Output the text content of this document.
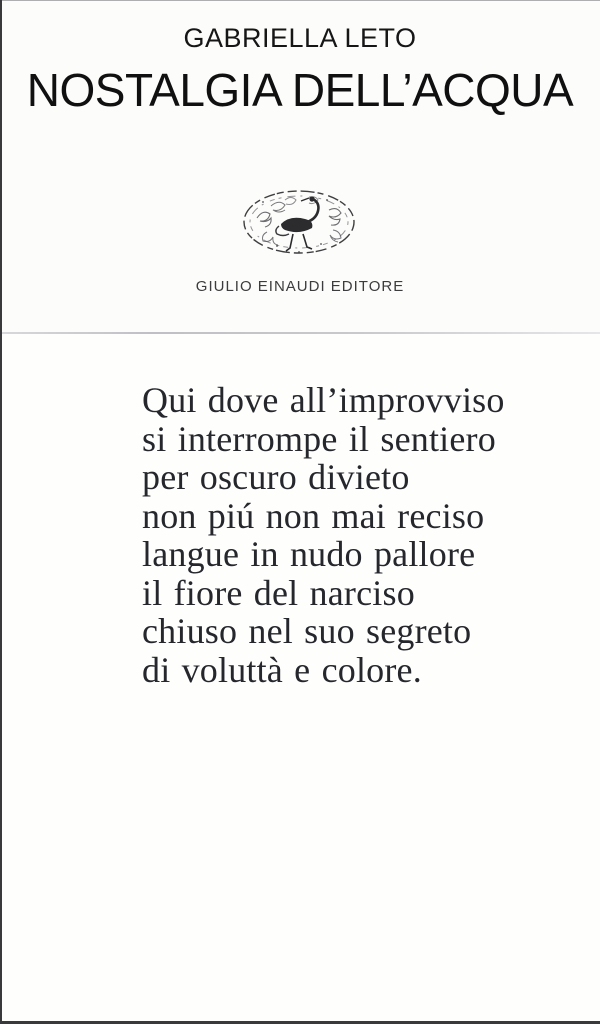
GABRIELLA LETO
NOSTALGIA DELL’ACQUA
GIULIO EINAUDI EDITORE
Qui dove all’improvviso
si interrompe il sentiero
per oscuro divieto
non piú non mai reciso
langue in nudo pallore
il fiore del narciso
chiuso nel suo segreto
di voluttà e colore.
